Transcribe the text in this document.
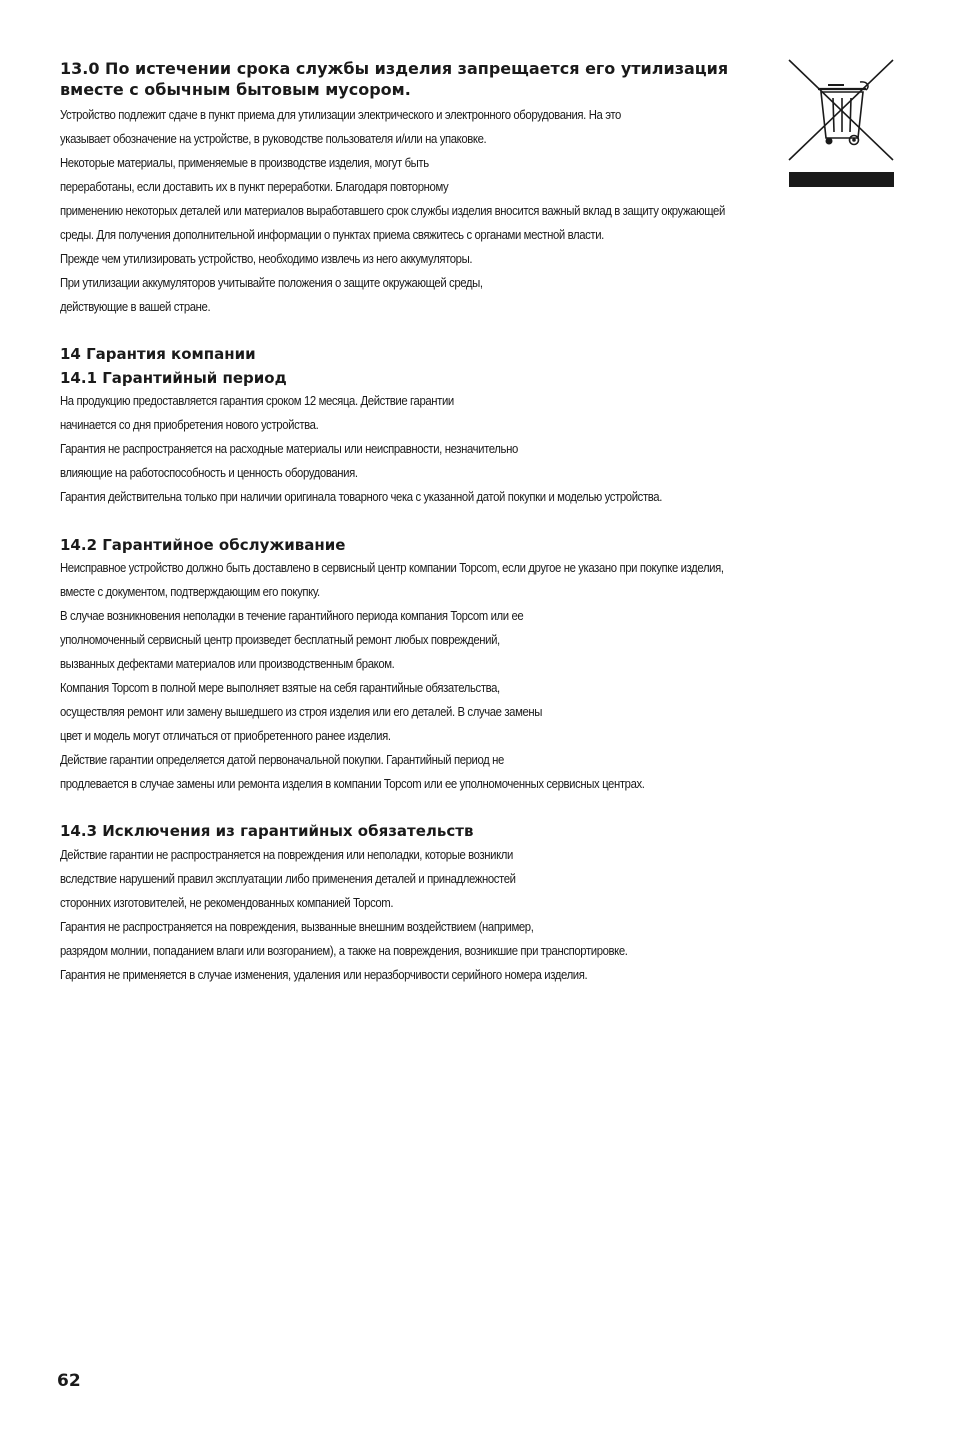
13.0 По истечении срока службы изделия запрещается его утилизация вместе с обычным бытовым мусором.
Устройство подлежит сдаче в пункт приема для утилизации электрического и электронного оборудования. На это
указывает обозначение на устройстве, в руководстве пользователя и/или на упаковке.
Некоторые материалы, применяемые в производстве изделия, могут быть
переработаны, если доставить их в пункт переработки. Благодаря повторному
применению некоторых деталей или материалов выработавшего срок службы изделия вносится важный вклад в защиту окружающей
среды. Для получения дополнительной информации о пунктах приема свяжитесь с органами местной власти.
Прежде чем утилизировать устройство, необходимо извлечь из него аккумуляторы.
При утилизации аккумуляторов учитывайте положения о защите окружающей среды,
действующие в вашей стране.
14 Гарантия компании
14.1 Гарантийный период
На продукцию предоставляется гарантия сроком 12 месяца. Действие гарантии
начинается со дня приобретения нового устройства.
Гарантия не распространяется на расходные материалы или неисправности, незначительно
влияющие на работоспособность и ценность оборудования.
Гарантия действительна только при наличии оригинала товарного чека с указанной датой покупки и моделью устройства.
14.2 Гарантийное обслуживание
Неисправное устройство должно быть доставлено в сервисный центр компании Topcom, если другое не указано при покупке изделия,
вместе с документом, подтверждающим его покупку.
В случае возникновения неполадки в течение гарантийного периода компания Topcom или ее
уполномоченный сервисный центр произведет бесплатный ремонт любых повреждений,
вызванных дефектами материалов или производственным браком.
Компания Topcom в полной мере выполняет взятые на себя гарантийные обязательства,
осуществляя ремонт или замену вышедшего из строя изделия или его деталей. В случае замены
цвет и модель могут отличаться от приобретенного ранее изделия.
Действие гарантии определяется датой первоначальной покупки. Гарантийный период не
продлевается в случае замены или ремонта изделия в компании Topcom или ее уполномоченных сервисных центрах.
14.3 Исключения из гарантийных обязательств
Действие гарантии не распространяется на повреждения или неполадки, которые возникли
вследствие нарушений правил эксплуатации либо применения деталей и принадлежностей
сторонних изготовителей, не рекомендованных компанией Topcom.
Гарантия не распространяется на повреждения, вызванные внешним воздействием (например,
разрядом молнии, попаданием влаги или возгоранием), а также на повреждения, возникшие при транспортировке.
Гарантия не применяется в случае изменения, удаления или неразборчивости серийного номера изделия.
62
